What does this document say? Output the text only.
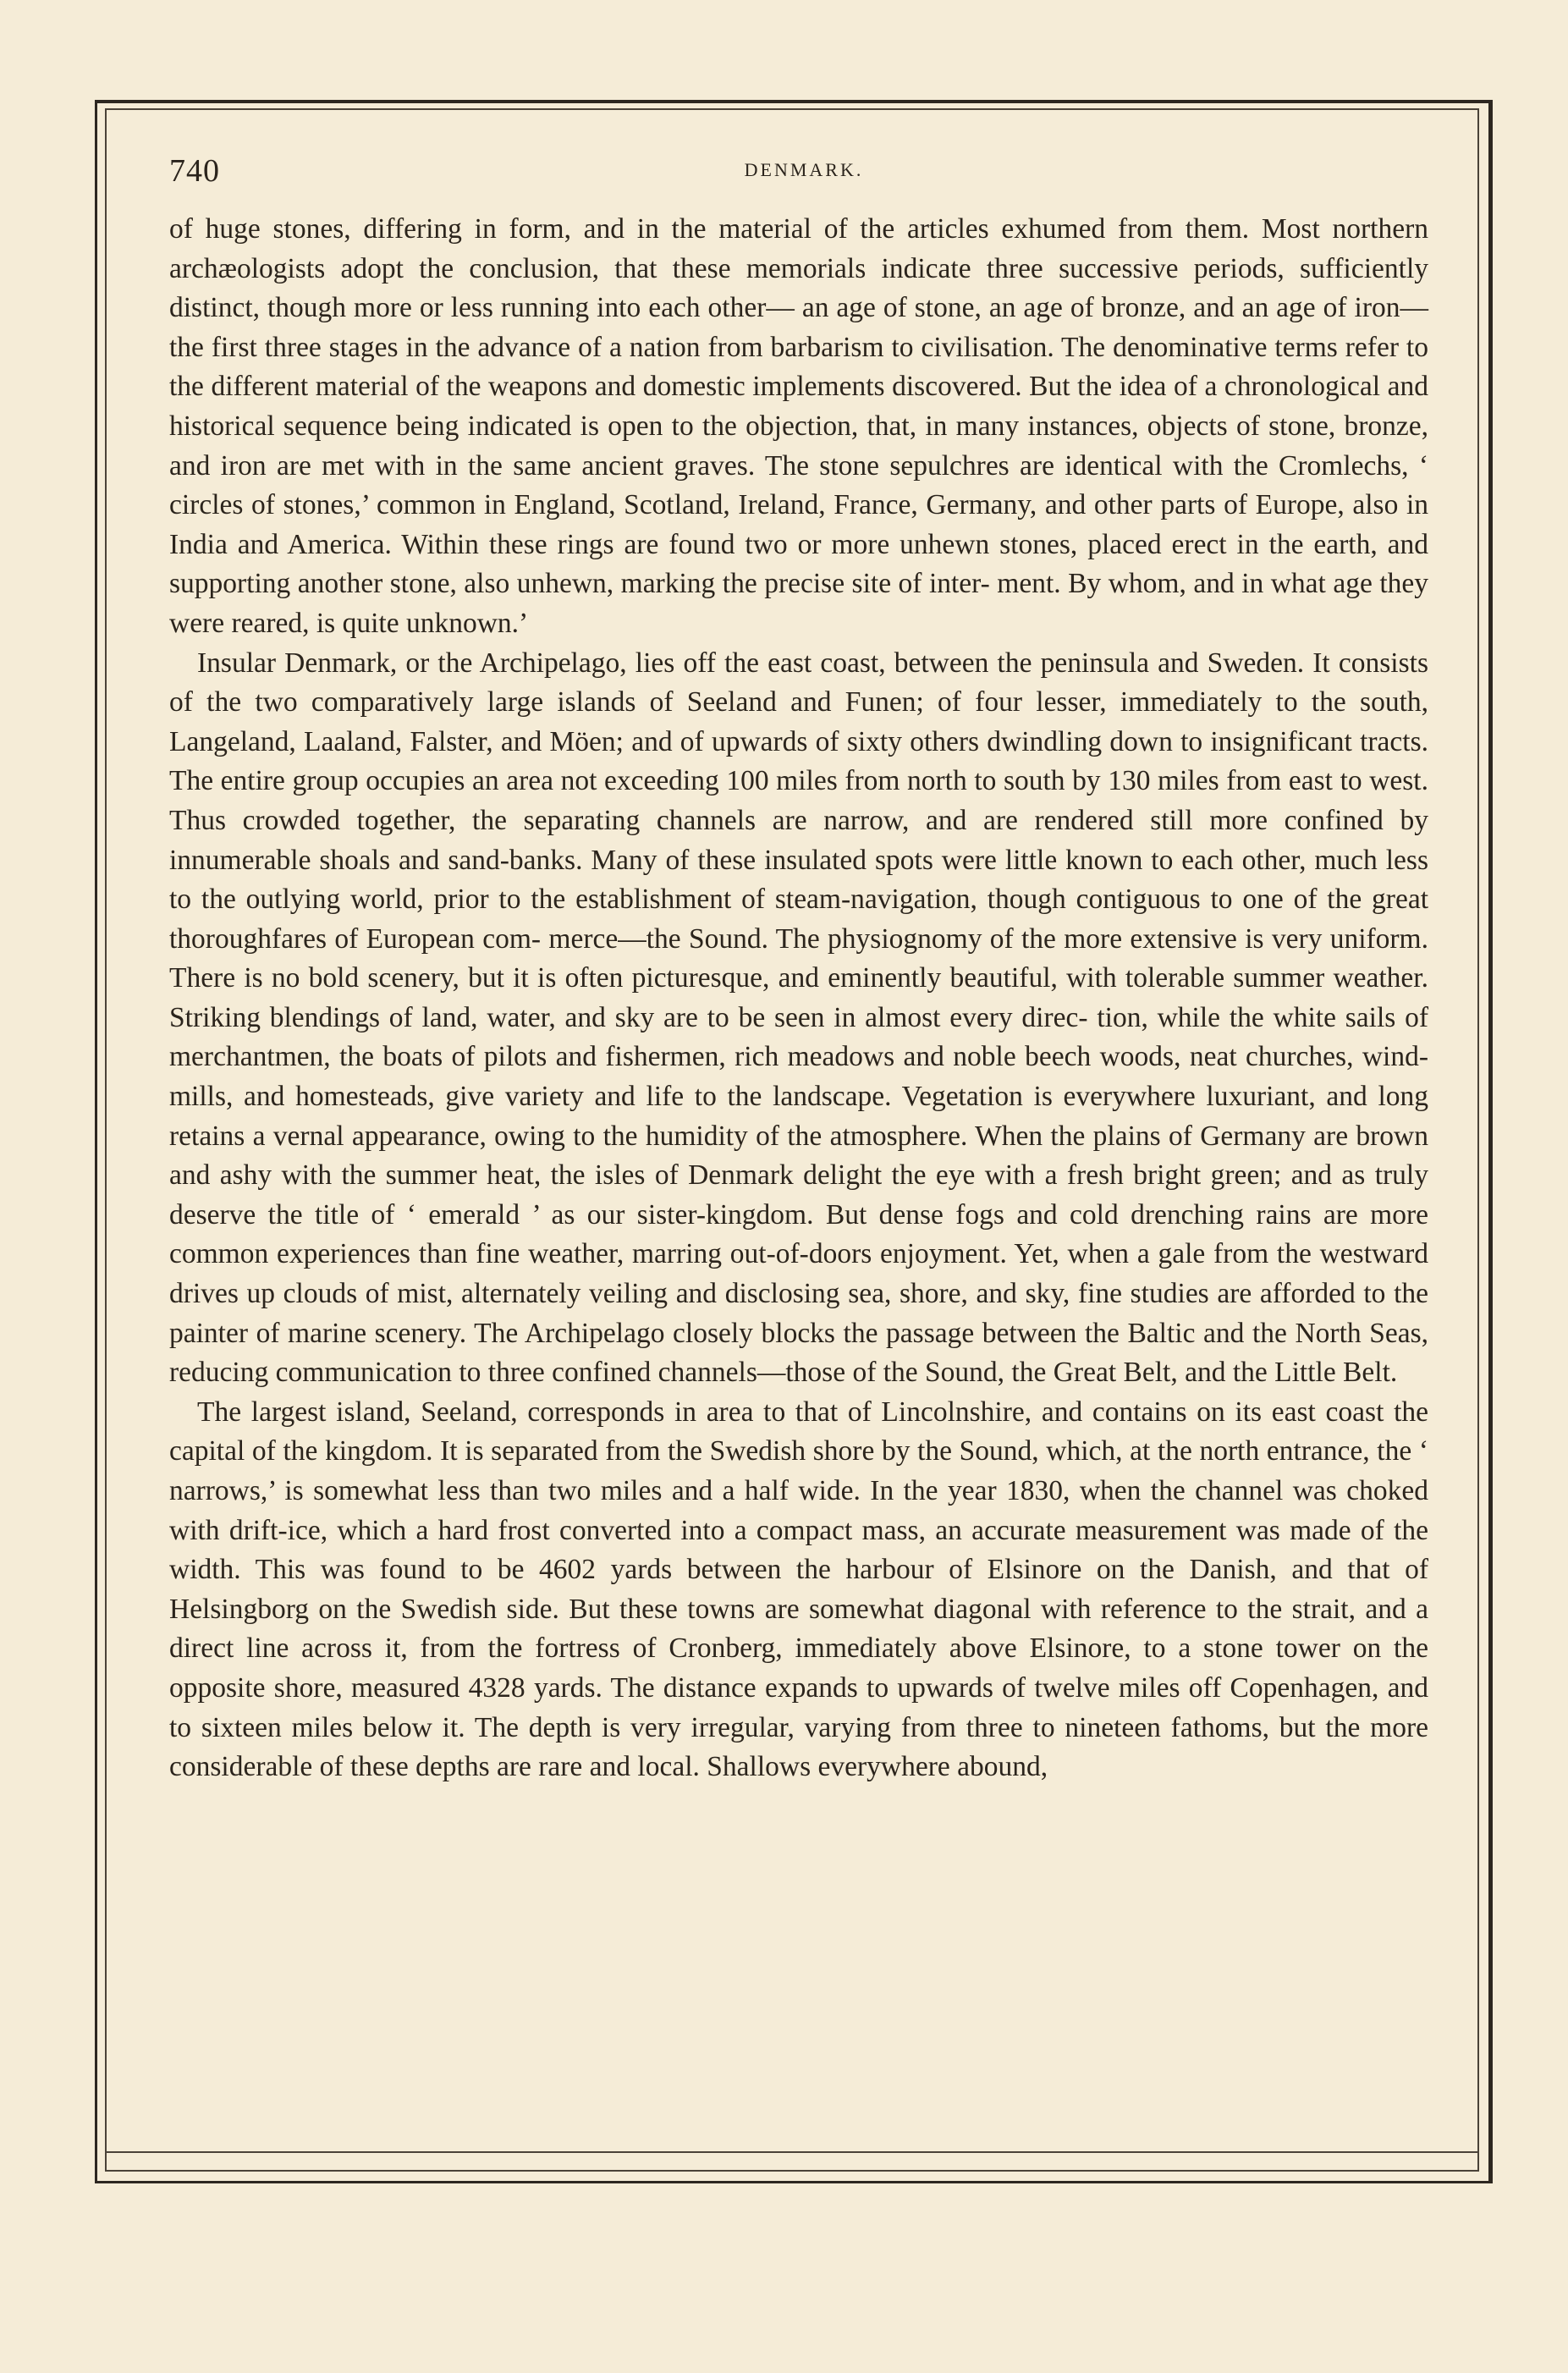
740	DENMARK.

of huge stones, differing in form, and in the material of the articles exhumed from them. Most northern archæologists adopt the conclusion, that these memorials indicate three successive periods, sufficiently distinct, though more or less running into each other— an age of stone, an age of bronze, and an age of iron—the first three stages in the advance of a nation from barbarism to civilisation. The denominative terms refer to the different material of the weapons and domestic implements discovered. But the idea of a chronological and historical sequence being indicated is open to the objection, that, in many instances, objects of stone, bronze, and iron are met with in the same ancient graves. The stone sepulchres are identical with the Cromlechs, ‘ circles of stones,’ common in England, Scotland, Ireland, France, Germany, and other parts of Europe, also in India and America. Within these rings are found two or more unhewn stones, placed erect in the earth, and supporting another stone, also unhewn, marking the precise site of inter- ment. By whom, and in what age they were reared, is quite unknown.’

Insular Denmark, or the Archipelago, lies off the east coast, between the peninsula and Sweden. It consists of the two comparatively large islands of Seeland and Funen; of four lesser, immediately to the south, Langeland, Laaland, Falster, and Möen; and of upwards of sixty others dwindling down to insignificant tracts. The entire group occupies an area not exceeding 100 miles from north to south by 130 miles from east to west. Thus crowded together, the separating channels are narrow, and are rendered still more confined by innumerable shoals and sand-banks. Many of these insulated spots were little known to each other, much less to the outlying world, prior to the establishment of steam-navigation, though contiguous to one of the great thoroughfares of European com- merce—the Sound. The physiognomy of the more extensive is very uniform. There is no bold scenery, but it is often picturesque, and eminently beautiful, with tolerable summer weather. Striking blendings of land, water, and sky are to be seen in almost every direc- tion, while the white sails of merchantmen, the boats of pilots and fishermen, rich meadows and noble beech woods, neat churches, wind-mills, and homesteads, give variety and life to the landscape. Vegetation is everywhere luxuriant, and long retains a vernal appearance, owing to the humidity of the atmosphere. When the plains of Germany are brown and ashy with the summer heat, the isles of Denmark delight the eye with a fresh bright green; and as truly deserve the title of ‘ emerald ’ as our sister-kingdom. But dense fogs and cold drenching rains are more common experiences than fine weather, marring out-of-doors enjoyment. Yet, when a gale from the westward drives up clouds of mist, alternately veiling and disclosing sea, shore, and sky, fine studies are afforded to the painter of marine scenery. The Archipelago closely blocks the passage between the Baltic and the North Seas, reducing communication to three confined channels—those of the Sound, the Great Belt, and the Little Belt.

The largest island, Seeland, corresponds in area to that of Lincolnshire, and contains on its east coast the capital of the kingdom. It is separated from the Swedish shore by the Sound, which, at the north entrance, the ‘ narrows,’ is somewhat less than two miles and a half wide. In the year 1830, when the channel was choked with drift-ice, which a hard frost converted into a compact mass, an accurate measurement was made of the width. This was found to be 4602 yards between the harbour of Elsinore on the Danish, and that of Helsingborg on the Swedish side. But these towns are somewhat diagonal with reference to the strait, and a direct line across it, from the fortress of Cronberg, immediately above Elsinore, to a stone tower on the opposite shore, measured 4328 yards. The distance expands to upwards of twelve miles off Copenhagen, and to sixteen miles below it. The depth is very irregular, varying from three to nineteen fathoms, but the more considerable of these depths are rare and local. Shallows everywhere abound,
